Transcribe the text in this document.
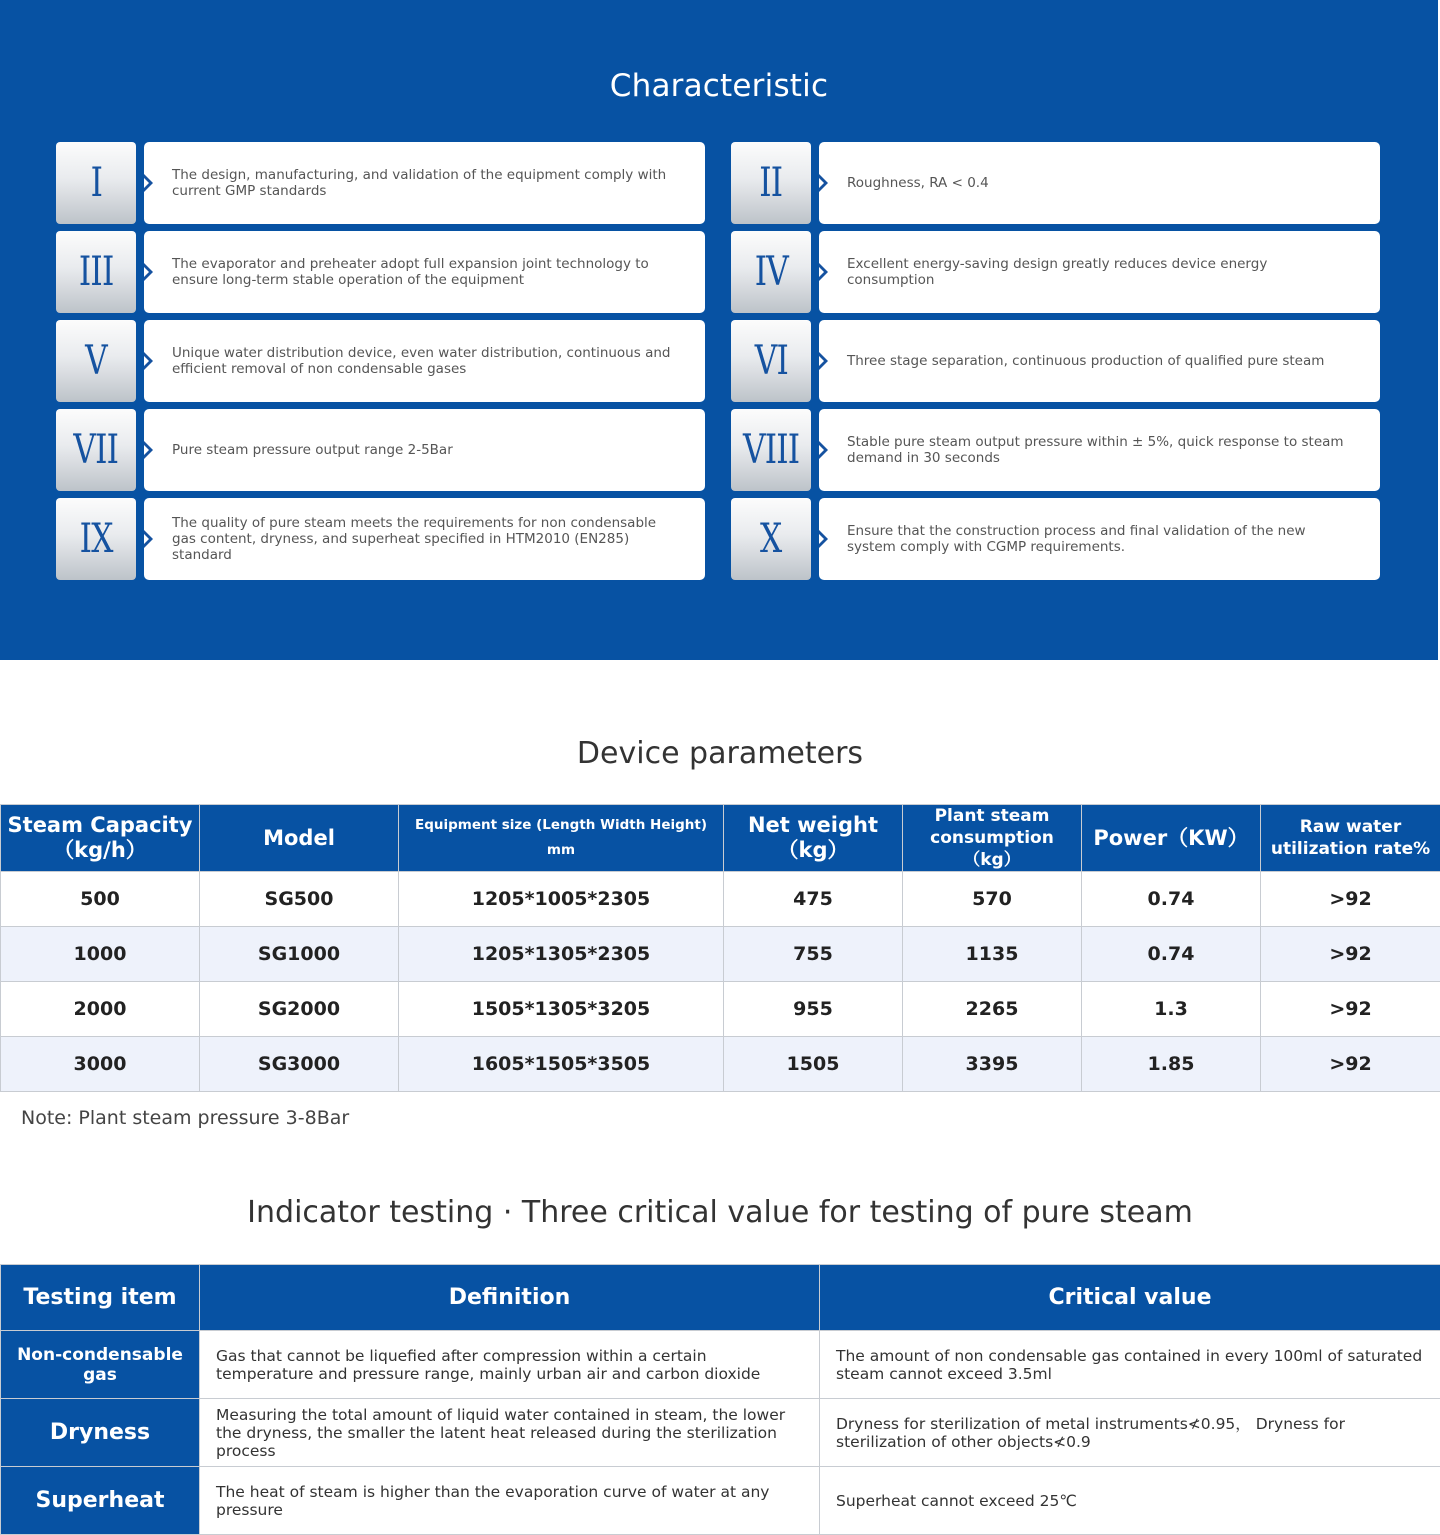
Characteristic
I	The design, manufacturing, and validation of the equipment comply with current GMP standards	II	Roughness, RA < 0.4
III	The evaporator and preheater adopt full expansion joint technology to ensure long-term stable operation of the equipment	IV	Excellent energy-saving design greatly reduces device energy consumption
V	Unique water distribution device, even water distribution, continuous and efficient removal of non condensable gases	VI	Three stage separation, continuous production of qualified pure steam
VII	Pure steam pressure output range 2-5Bar	VIII	Stable pure steam output pressure within ± 5%, quick response to steam demand in 30 seconds
IX	The quality of pure steam meets the requirements for non condensable gas content, dryness, and superheat specified in HTM2010 (EN285) standard	X	Ensure that the construction process and final validation of the new system comply with CGMP requirements.
Device parameters
Steam Capacity
（kg/h）	Model	Equipment size (Length Width Height) mm	Net weight（kg）	Plant steam consumption（kg）	Power（KW）	Raw water utilization rate%
500	SG500	1205*1005*2305	475	570	0.74	>92
1000	SG1000	1205*1305*2305	755	1135	0.74	>92
2000	SG2000	1505*1305*3205	955	2265	1.3	>92
3000	SG3000	1605*1505*3505	1505	3395	1.85	>92
Note: Plant steam pressure 3-8Bar
Indicator testing · Three critical value for testing of pure steam
Testing item	Definition	Critical value
Non-condensable gas	Gas that cannot be liquefied after compression within a certain temperature and pressure range, mainly urban air and carbon dioxide	The amount of non condensable gas contained in every 100ml of saturated steam cannot exceed 3.5ml
Dryness	Measuring the total amount of liquid water contained in steam, the lower the dryness, the smaller the latent heat released during the sterilization process	Dryness for sterilization of metal instruments≮0.95， Dryness for sterilization of other objects≮0.9
Superheat	The heat of steam is higher than the evaporation curve of water at any pressure	Superheat cannot exceed 25℃
